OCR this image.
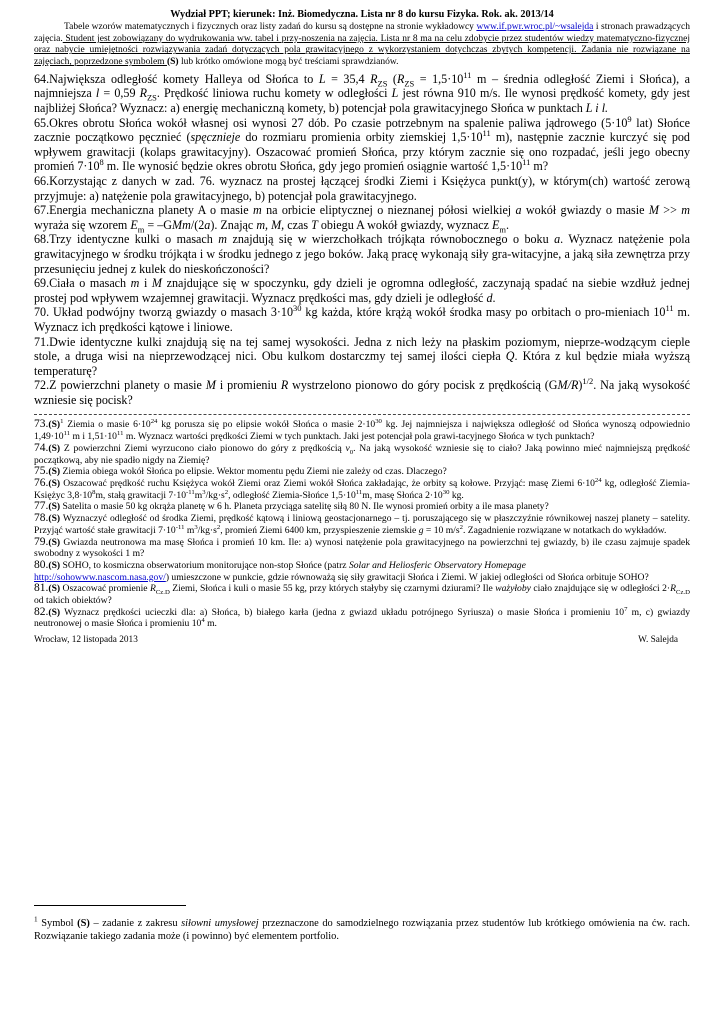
Wydział PPT; kierunek: Inż. Biomedyczna. Lista nr 8 do kursu Fizyka. Rok. ak. 2013/14
Tabele wzorów matematycznych i fizycznych oraz listy zadań do kursu są dostępne na stronie wykładowcy www.if.pwr.wroc.pl/~wsalejda i stronach prawadzących zajęcia. Student jest zobowiązany do wydrukowania ww. tabel i przy-noszenia na zajęcia. Lista nr 8 ma na celu zdobycie przez studentów wiedzy matematyczno-fizycznej oraz nabycie umiejętności rozwiązywania zadań dotyczących pola grawitacyjnego z wykorzystaniem dotychczas zbytych kompetencji. Zadania nie rozwiązane na zajęciach, poprzedzone symbolem (S) lub krótko omówione mogą być treściami sprawdzianów.

64.Największa odległość komety Halleya od Słońca to L = 35,4 $R_{ZS}$ ($R_{ZS} = 1,5\cdot 10^{11}$ m – średnia odległość Ziemi i Słońca), a najmniejsza l = 0,59 $R_{ZS}$. Prędkość liniowa ruchu komety w odległości L jest równa 910 m/s. Ile wynosi prędkość komety, gdy jest najbliżej Słońca? Wyznacz: a) energię mechaniczną komety, b) potencjał pola grawitacyjnego Słońca w punktach L i l.

65.Okres obrotu Słońca wokół własnej osi wynosi 27 dób. Po czasie potrzebnym na spalenie paliwa jądrowego ($5\cdot 10^9$ lat) Słońce zacznie początkowo pęcznieć (spęcznieje do rozmiaru promienia orbity ziemskiej $1,5\cdot 10^{11}$ m), następnie zacznie kurczyć się pod wpływem grawitacji (kolaps grawitacyjny). Oszacować promień Słońca, przy którym zacznie się ono rozpadać, jeśli jego obecny promień $7\cdot 10^8$ m. Ile wynosić będzie okres obrotu Słońca, gdy jego promień osiągnie wartość $1,5\cdot 10^{11}$ m?

66.Korzystając z danych w zad. 76. wyznacz na prostej łączącej środki Ziemi i Księżyca punkt(y), w którym(ch) wartość zerową przyjmuje: a) natężenie pola grawitacyjnego, b) potencjał pola grawitacyjnego.

67.Energia mechaniczna planety A o masie m na orbicie eliptycznej o nieznanej półosi wielkiej a wokół gwiazdy o masie M >> m wyraża się wzorem $E_m = -GMm/(2a)$. Znając m, M, czas T obiegu A wokół gwiazdy, wyznacz $E_m$.

68.Trzy identyczne kulki o masach m znajdują się w wierzchołkach trójkąta równobocznego o boku a. Wyznacz natężenie pola grawitacyjnego w środku trójkąta i w środku jednego z jego boków. Jaką pracę wykonają siły gra-witacyjne, a jaką siła zewnętrza przy przesunięciu jednej z kulek do nieskończoności?

69.Ciała o masach m i M znajdujące się w spoczynku, gdy dzieli je ogromna odległość, zaczynają spadać na siebie wzdłuż jednej prostej pod wpływem wzajemnej grawitacji. Wyznacz prędkości mas, gdy dzieli je odległość d.

70. Układ podwójny tworzą gwiazdy o masach $3\cdot 10^{30}$ kg każda, które krążą wokół środka masy po orbitach o pro-mieniach $10^{11}$ m. Wyznacz ich prędkości kątowe i liniowe.

71.Dwie identyczne kulki znajdują się na tej samej wysokości. Jedna z nich leży na płaskim poziomym, nieprze-wodzącym cieple stole, a druga wisi na nieprzewodzącej nici. Obu kulkom dostarczmy tej samej ilości ciepła Q. Która z kul będzie miała wyższą temperaturę?

72.Z powierzchni planety o masie M i promieniu R wystrzelono pionowo do góry pocisk z prędkością $(GM/R)^{1/2}$. Na jaką wysokość wzniesie się pocisk?

$73.(S)^1$ Ziemia o masie $6\cdot 10^{24}$ kg porusza się po elipsie wokół Słońca o masie $2\cdot 10^{30}$ kg. Jej najmniejsza i największa odległość od Słońca wynoszą odpowiednio $1,49\cdot 10^{11}$ m i $1,51\cdot 10^{11}$ m. Wyznacz wartości prędkości Ziemi w tych punktach. Jaki jest potencjał pola grawi-tacyjnego Słońca w tych punktach?

74.(S) Z powierzchni Ziemi wyrzucono ciało pionowo do góry z prędkością $v_0$. Na jaką wysokość wzniesie się to ciało? Jaką powinno mieć najmniejszą prędkość początkową, aby nie spadło nigdy na Ziemię?

75.(S) Ziemia obiega wokół Słońca po elipsie. Wektor momentu pędu Ziemi nie zależy od czas. Dlaczego?

76.(S) Oszacować prędkość ruchu Księżyca wokół Ziemi oraz Ziemi wokół Słońca zakładając, że orbity są kołowe. Przyjąć: masę Ziemi $6\cdot 10^{24}$ kg, odległość Ziemia-Księżyc $3,8\cdot 10^8m$, stałą grawitacji $7\cdot 10^{-11}m^3/kg\cdot s^2$, odległość Ziemia-Słońce $1,5\cdot 10^{11}m$, masę Słońca $2\cdot 10^{30}$ kg.

77.(S) Satelita o masie 50 kg okrąża planetę w 6 h. Planeta przyciąga satelitę siłą 80 N. Ile wynosi promień orbity a ile masa planety?

78.(S) Wyznaczyć odległość od środka Ziemi, prędkość kątową i liniową geostacjonarnego – tj. poruszającego się w płaszczyźnie równikowej naszej planety – satelity. Przyjąć wartość stałe grawitacji $7\cdot 10^{-11}$ $m^3/kg\cdot s^2$, promień Ziemi 6400 km, przyspieszenie ziemskie g = 10 $m/s^2$. Zagadnienie rozwiązane w notatkach do wykładów.

79.(S) Gwiazda neutronowa ma masę Słońca i promień 10 km. Ile: a) wynosi natężenie pola grawitacyjnego na powierzchni tej gwiazdy, b) ile czasu zajmuje spadek swobodny z wysokości 1 m?

80.(S) SOHO, to kosmiczna obserwatorium monitorujące non-stop Słońce (patrz Solar and Heliosferic Observatory Homepage
http://sohowww.nascom.nasa.gov/) umieszczone w punkcie, gdzie równoważą się siły grawitacji Słońca i Ziemi. W jakiej odległości od Słońca orbituje SOHO?

81.(S) Oszacować promienie $R_{Cz.D}$ Ziemi, Słońca i kuli o masie 55 kg, przy których stałyby się czarnymi dziurami? Ile ważyłoby ciało znajdujące się w odległości $2\cdot R_{Cz.D}$ od takich obiektów?

82.(S) Wyznacz prędkości ucieczki dla: a) Słońca, b) białego karła (jedna z gwiazd układu potrójnego Syriusza) o masie Słońca i promieniu $10^7$ m, c) gwiazdy neutronowej o masie Słońca i promieniu $10^4$ m.

Wrocław, 12 listopada 2013	W. Salejda
$^1$ Symbol (S) – zadanie z zakresu siłowni umysłowej przeznaczone do samodzielnego rozwiązania przez studentów lub krótkiego omówienia na ćw. rach. Rozwiązanie takiego zadania może (i powinno) być elementem portfolio.
